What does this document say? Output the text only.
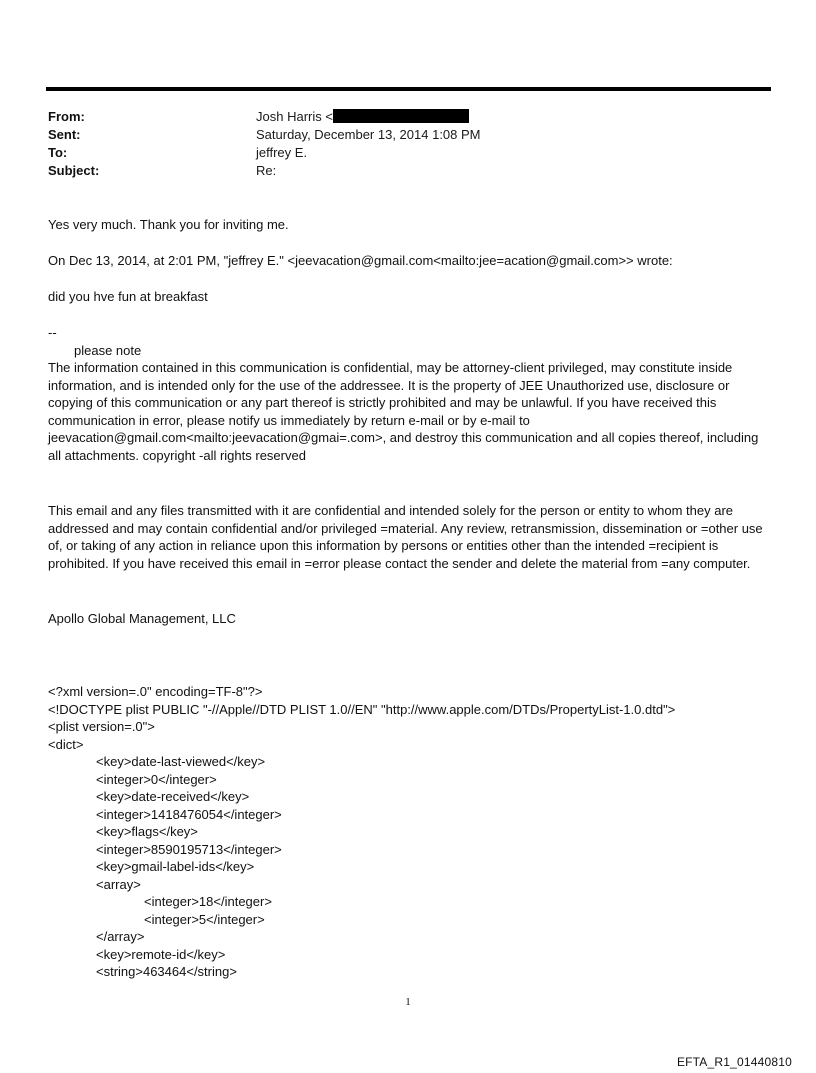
From:	Josh Harris <
Sent:	Saturday, December 13, 2014 1:08 PM
To:	jeffrey E.
Subject:	Re:

Yes very much. Thank you for inviting me.

On Dec 13, 2014, at 2:01 PM, "jeffrey E." <jeevacation@gmail.com<mailto:jee=acation@gmail.com>> wrote:

did you hve fun at breakfast

--

please note

The information contained in this communication is confidential, may be attorney-client privileged, may constitute inside information, and is intended only for the use of the addressee. It is the property of JEE Unauthorized use, disclosure or copying of this communication or any part thereof is strictly prohibited and may be unlawful. If you have received this communication in error, please notify us immediately by return e-mail or by e-mail to jeevacation@gmail.com<mailto:jeevacation@gmai=.com>, and destroy this communication and all copies thereof, including all attachments. copyright -all rights reserved

This email and any files transmitted with it are confidential and intended solely for the person or entity to whom they are addressed and may contain confidential and/or privileged =material. Any review, retransmission, dissemination or =other use of, or taking of any action in reliance upon this information by persons or entities other than the intended =recipient is prohibited. If you have received this email in =error please contact the sender and delete the material from =any computer.

Apollo Global Management, LLC

<?xml version=.0" encoding=TF-8"?>
<!DOCTYPE plist PUBLIC "-//Apple//DTD PLIST 1.0//EN" "http://www.apple.com/DTDs/PropertyList-1.0.dtd">
<plist version=.0">
<dict>
<key>date-last-viewed</key>
<integer>0</integer>
<key>date-received</key>
<integer>1418476054</integer>
<key>flags</key>
<integer>8590195713</integer>
<key>gmail-label-ids</key>
<array>
<integer>18</integer>
<integer>5</integer>
</array>
<key>remote-id</key>
<string>463464</string>
1
EFTA_R1_01440810
